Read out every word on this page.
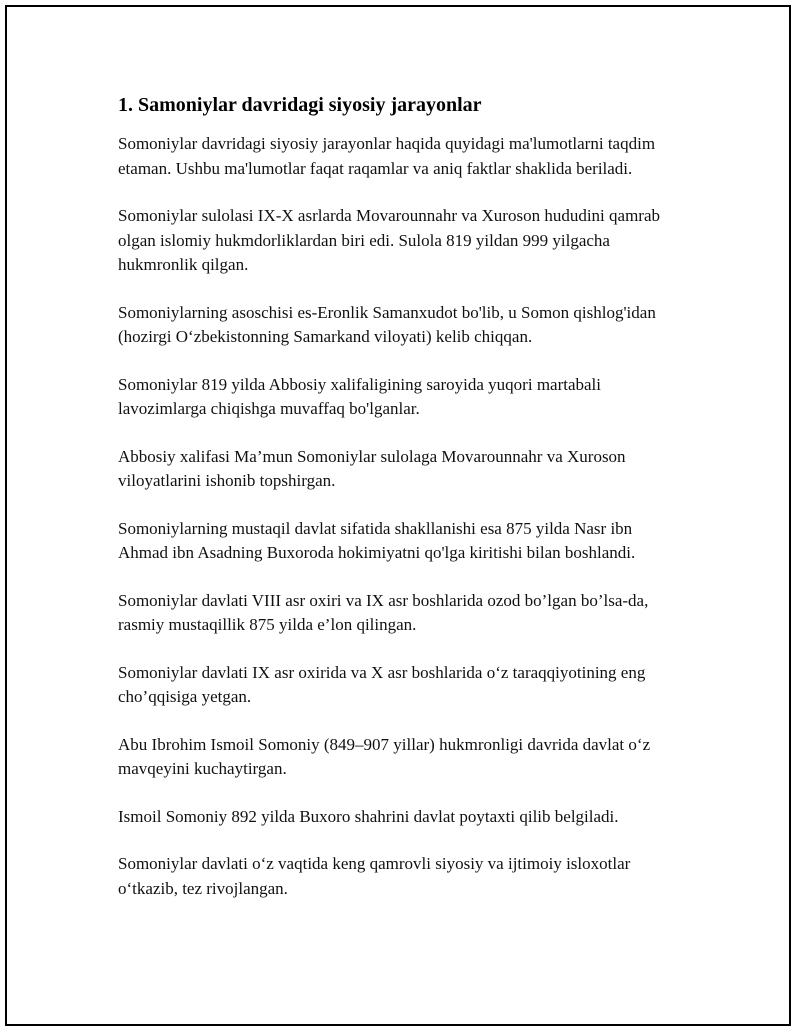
1. Samoniylar davridagi siyosiy jarayonlar

Somoniylar davridagi siyosiy jarayonlar haqida quyidagi ma'lumotlarni taqdim etaman. Ushbu ma'lumotlar faqat raqamlar va aniq faktlar shaklida beriladi.

Somoniylar sulolasi IX-X asrlarda Movarounnahr va Xuroson hududini qamrab olgan islomiy hukmdorliklardan biri edi. Sulola 819 yildan 999 yilgacha hukmronlik qilgan.

Somoniylarning asoschisi es-Eronlik Samanxudot bo'lib, u Somon qishlog'idan (hozirgi O‘zbekistonning Samarkand viloyati) kelib chiqqan.

Somoniylar 819 yilda Abbosiy xalifaligining saroyida yuqori martabali lavozimlarga chiqishga muvaffaq bo'lganlar.

Abbosiy xalifasi Ma’mun Somoniylar sulolaga Movarounnahr va Xuroson viloyatlarini ishonib topshirgan.

Somoniylarning mustaqil davlat sifatida shakllanishi esa 875 yilda Nasr ibn Ahmad ibn Asadning Buxoroda hokimiyatni qo'lga kiritishi bilan boshlandi.

Somoniylar davlati VIII asr oxiri va IX asr boshlarida ozod bo’lgan bo’lsa-da, rasmiy mustaqillik 875 yilda e’lon qilingan.

Somoniylar davlati IX asr oxirida va X asr boshlarida o‘z taraqqiyotining eng cho’qqisiga yetgan.

Abu Ibrohim Ismoil Somoniy (849–907 yillar) hukmronligi davrida davlat o‘z mavqeyini kuchaytirgan.

Ismoil Somoniy 892 yilda Buxoro shahrini davlat poytaxti qilib belgiladi.

Somoniylar davlati o‘z vaqtida keng qamrovli siyosiy va ijtimoiy isloxotlar o‘tkazib, tez rivojlangan.
